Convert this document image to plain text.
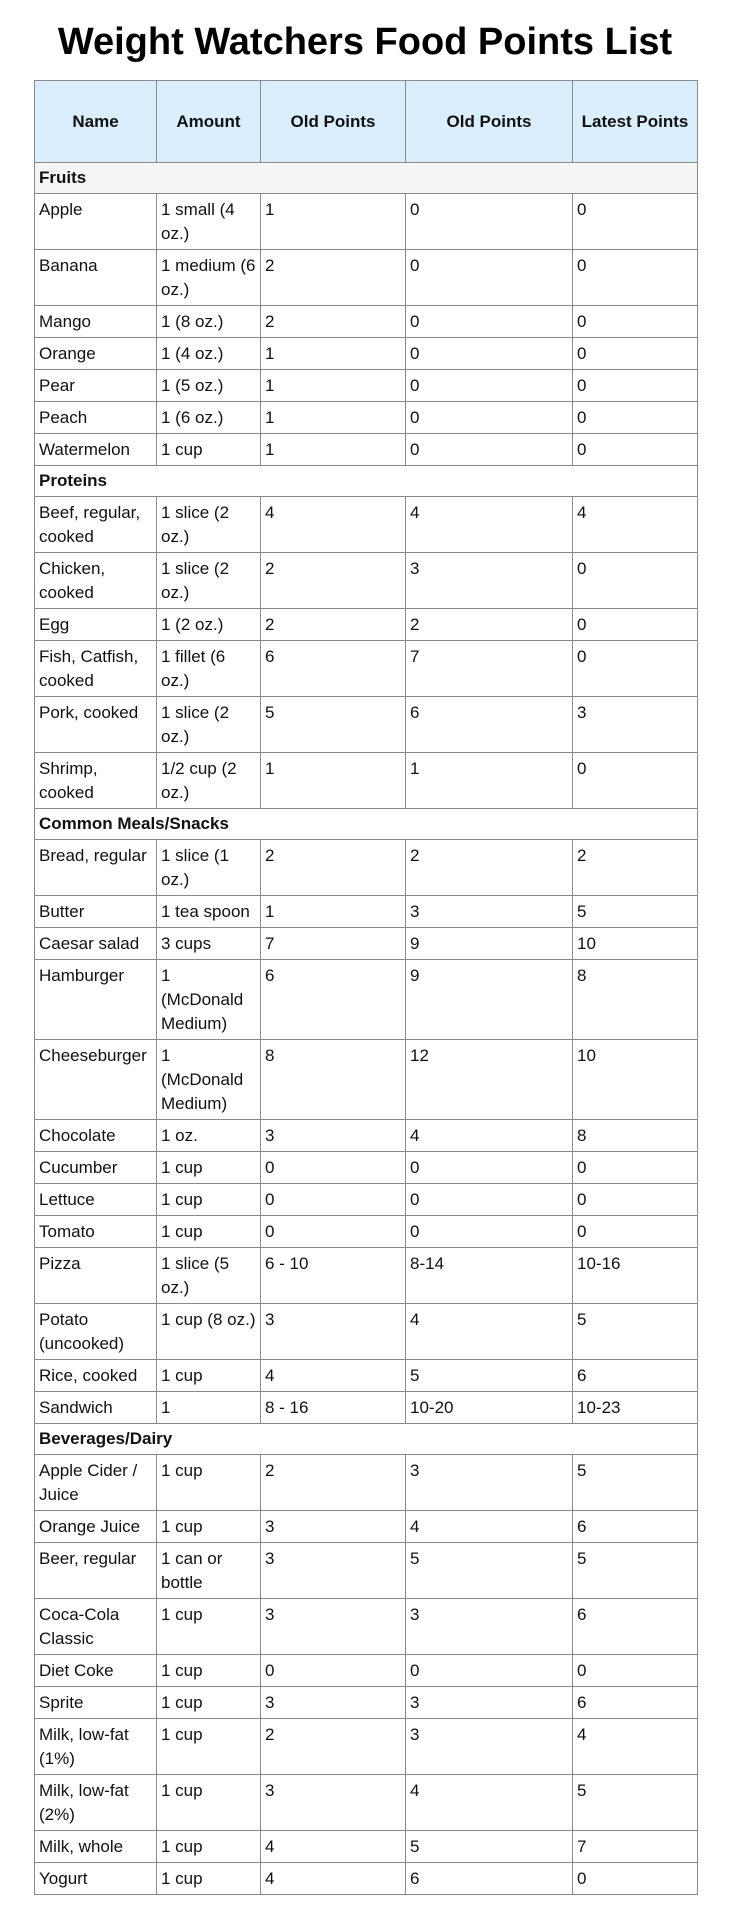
Weight Watchers Food Points List
Name	Amount	Old Points	Old Points	Latest Points
Fruits				
Apple	1 small (4 oz.)	1	0	0
Banana	1 medium (6 oz.)	2	0	0
Mango	1 (8 oz.)	2	0	0
Orange	1 (4 oz.)	1	0	0
Pear	1 (5 oz.)	1	0	0
Peach	1 (6 oz.)	1	0	0
Watermelon	1 cup	1	0	0
Proteins				
Beef, regular, cooked	1 slice (2 oz.)	4	4	4
Chicken, cooked	1 slice (2 oz.)	2	3	0
Egg	1 (2 oz.)	2	2	0
Fish, Catfish, cooked	1 fillet (6 oz.)	6	7	0
Pork, cooked	1 slice (2 oz.)	5	6	3
Shrimp, cooked	1/2 cup (2 oz.)	1	1	0
Common Meals/Snacks				
Bread, regular	1 slice (1 oz.)	2	2	2
Butter	1 tea spoon	1	3	5
Caesar salad	3 cups	7	9	10
Hamburger	1 (McDonald Medium)	6	9	8
Cheeseburger	1 (McDonald Medium)	8	12	10
Chocolate	1 oz.	3	4	8
Cucumber	1 cup	0	0	0
Lettuce	1 cup	0	0	0
Tomato	1 cup	0	0	0
Pizza	1 slice (5 oz.)	6 - 10	8-14	10-16
Potato (uncooked)	1 cup (8 oz.)	3	4	5
Rice, cooked	1 cup	4	5	6
Sandwich	1	8 - 16	10-20	10-23
Beverages/Dairy				
Apple Cider / Juice	1 cup	2	3	5
Orange Juice	1 cup	3	4	6
Beer, regular	1 can or bottle	3	5	5
Coca-Cola Classic	1 cup	3	3	6
Diet Coke	1 cup	0	0	0
Sprite	1 cup	3	3	6
Milk, low-fat (1%)	1 cup	2	3	4
Milk, low-fat (2%)	1 cup	3	4	5
Milk, whole	1 cup	4	5	7
Yogurt	1 cup	4	6	0
